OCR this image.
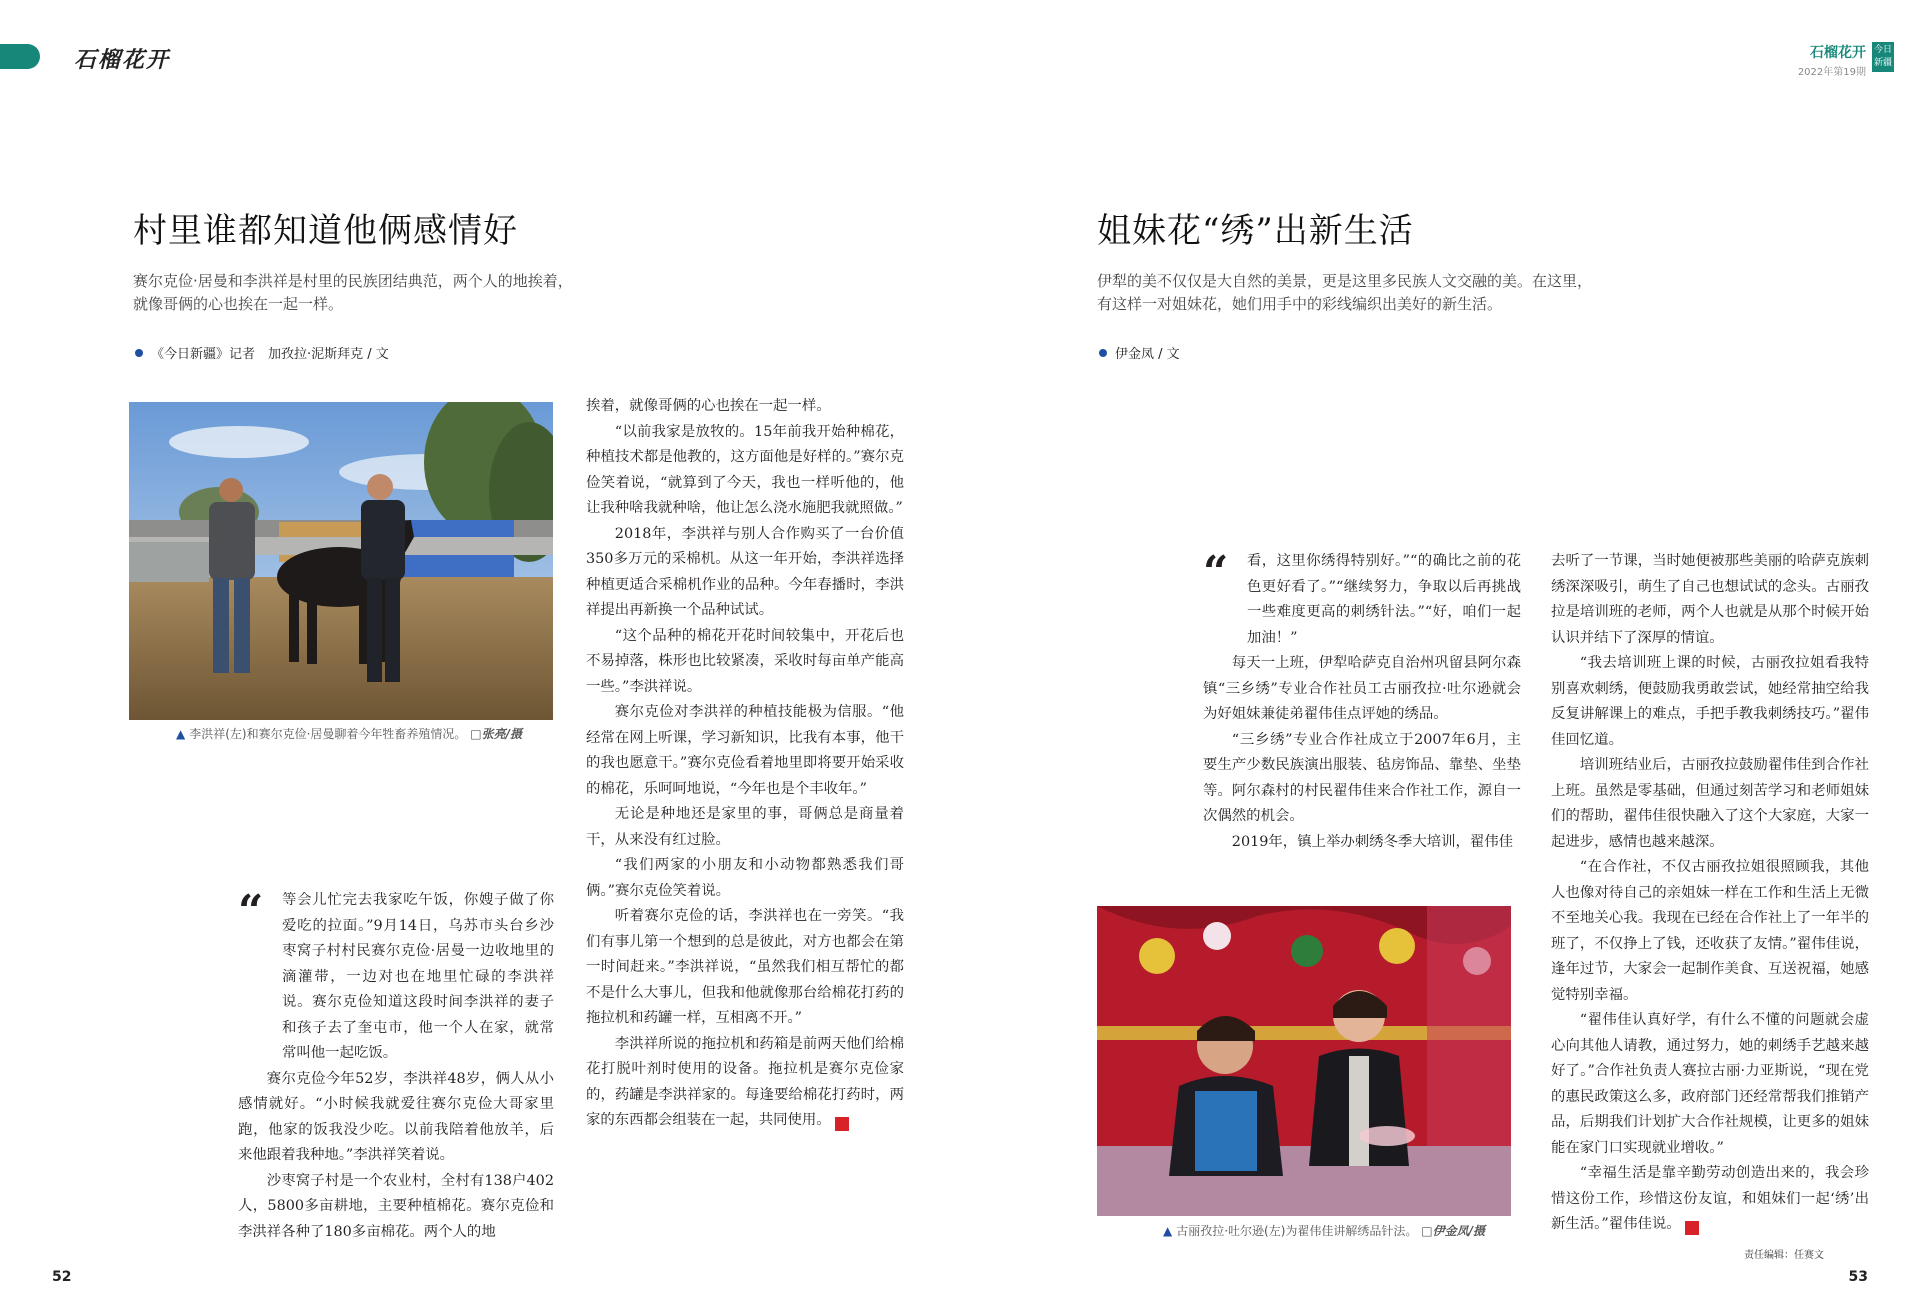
石榴花开	石榴花开
2022年第19期
今日新疆
村里谁都知道他俩感情好
赛尔克俭·居曼和李洪祥是村里的民族团结典范，两个人的地挨着，
就像哥俩的心也挨在一起一样。
《今日新疆》记者　加孜拉·泥斯拜克 / 文
▲ 李洪祥(左)和赛尔克俭·居曼聊着今年牲畜养殖情况。 □张亮/摄
“	等会儿忙完去我家吃午饭，你嫂子做了你爱吃的拉面。”9月14日，乌苏市头台乡沙枣窝子村村民赛尔克俭·居曼一边收地里的滴灌带，一边对也在地里忙碌的李洪祥说。赛尔克俭知道这段时间李洪祥的妻子和孩子去了奎屯市，他一个人在家，就常常叫他一起吃饭。

赛尔克俭今年52岁，李洪祥48岁，俩人从小感情就好。“小时候我就爱往赛尔克俭大哥家里跑，他家的饭我没少吃。以前我陪着他放羊，后来他跟着我种地。”李洪祥笑着说。

沙枣窝子村是一个农业村，全村有138户402人，5800多亩耕地，主要种植棉花。赛尔克俭和李洪祥各种了180多亩棉花。两个人的地

挨着，就像哥俩的心也挨在一起一样。

“以前我家是放牧的。15年前我开始种棉花，种植技术都是他教的，这方面他是好样的。”赛尔克俭笑着说，“就算到了今天，我也一样听他的，他让我种啥我就种啥，他让怎么浇水施肥我就照做。”

2018年，李洪祥与别人合作购买了一台价值350多万元的采棉机。从这一年开始，李洪祥选择种植更适合采棉机作业的品种。今年春播时，李洪祥提出再新换一个品种试试。

“这个品种的棉花开花时间较集中，开花后也不易掉落，株形也比较紧凑，采收时每亩单产能高一些。”李洪祥说。

赛尔克俭对李洪祥的种植技能极为信服。“他经常在网上听课，学习新知识，比我有本事，他干的我也愿意干。”赛尔克俭看着地里即将要开始采收的棉花，乐呵呵地说，“今年也是个丰收年。”

无论是种地还是家里的事，哥俩总是商量着干，从来没有红过脸。

“我们两家的小朋友和小动物都熟悉我们哥俩。”赛尔克俭笑着说。

听着赛尔克俭的话，李洪祥也在一旁笑。“我们有事儿第一个想到的总是彼此，对方也都会在第一时间赶来。”李洪祥说，“虽然我们相互帮忙的都不是什么大事儿，但我和他就像那台给棉花打药的拖拉机和药罐一样，互相离不开。”

李洪祥所说的拖拉机和药箱是前两天他们给棉花打脱叶剂时使用的设备。拖拉机是赛尔克俭家的，药罐是李洪祥家的。每逢要给棉花打药时，两家的东西都会组装在一起，共同使用。	J

52
姐妹花“绣”出新生活
伊犁的美不仅仅是大自然的美景，更是这里多民族人文交融的美。在这里，
有这样一对姐妹花，她们用手中的彩线编织出美好的新生活。
伊金凤 / 文
“	看，这里你绣得特别好。”“的确比之前的花色更好看了。”“继续努力，争取以后再挑战一些难度更高的刺绣针法。”“好，咱们一起加油！”

每天一上班，伊犁哈萨克自治州巩留县阿尔森镇“三乡绣”专业合作社员工古丽孜拉·吐尔逊就会为好姐妹兼徒弟翟伟佳点评她的绣品。

“三乡绣”专业合作社成立于2007年6月，主要生产少数民族演出服装、毡房饰品、靠垫、坐垫等。阿尔森村的村民翟伟佳来合作社工作，源自一次偶然的机会。

2019年，镇上举办刺绣冬季大培训，翟伟佳

▲ 古丽孜拉·吐尔逊(左)为翟伟佳讲解绣品针法。 □伊金凤/摄

去听了一节课，当时她便被那些美丽的哈萨克族刺绣深深吸引，萌生了自己也想试试的念头。古丽孜拉是培训班的老师，两个人也就是从那个时候开始认识并结下了深厚的情谊。

“我去培训班上课的时候，古丽孜拉姐看我特别喜欢刺绣，便鼓励我勇敢尝试，她经常抽空给我反复讲解课上的难点，手把手教我刺绣技巧。”翟伟佳回忆道。

培训班结业后，古丽孜拉鼓励翟伟佳到合作社上班。虽然是零基础，但通过刻苦学习和老师姐妹们的帮助，翟伟佳很快融入了这个大家庭，大家一起进步，感情也越来越深。

“在合作社，不仅古丽孜拉姐很照顾我，其他人也像对待自己的亲姐妹一样在工作和生活上无微不至地关心我。我现在已经在合作社上了一年半的班了，不仅挣上了钱，还收获了友情。”翟伟佳说，逢年过节，大家会一起制作美食、互送祝福，她感觉特别幸福。

“翟伟佳认真好学，有什么不懂的问题就会虚心向其他人请教，通过努力，她的刺绣手艺越来越好了。”合作社负责人赛拉古丽·力亚斯说，“现在党的惠民政策这么多，政府部门还经常帮我们推销产品，后期我们计划扩大合作社规模，让更多的姐妹能在家门口实现就业增收。”

“幸福生活是靠辛勤劳动创造出来的，我会珍惜这份工作，珍惜这份友谊，和姐妹们一起‘绣’出新生活。”翟伟佳说。	J

责任编辑：任赛文
53
